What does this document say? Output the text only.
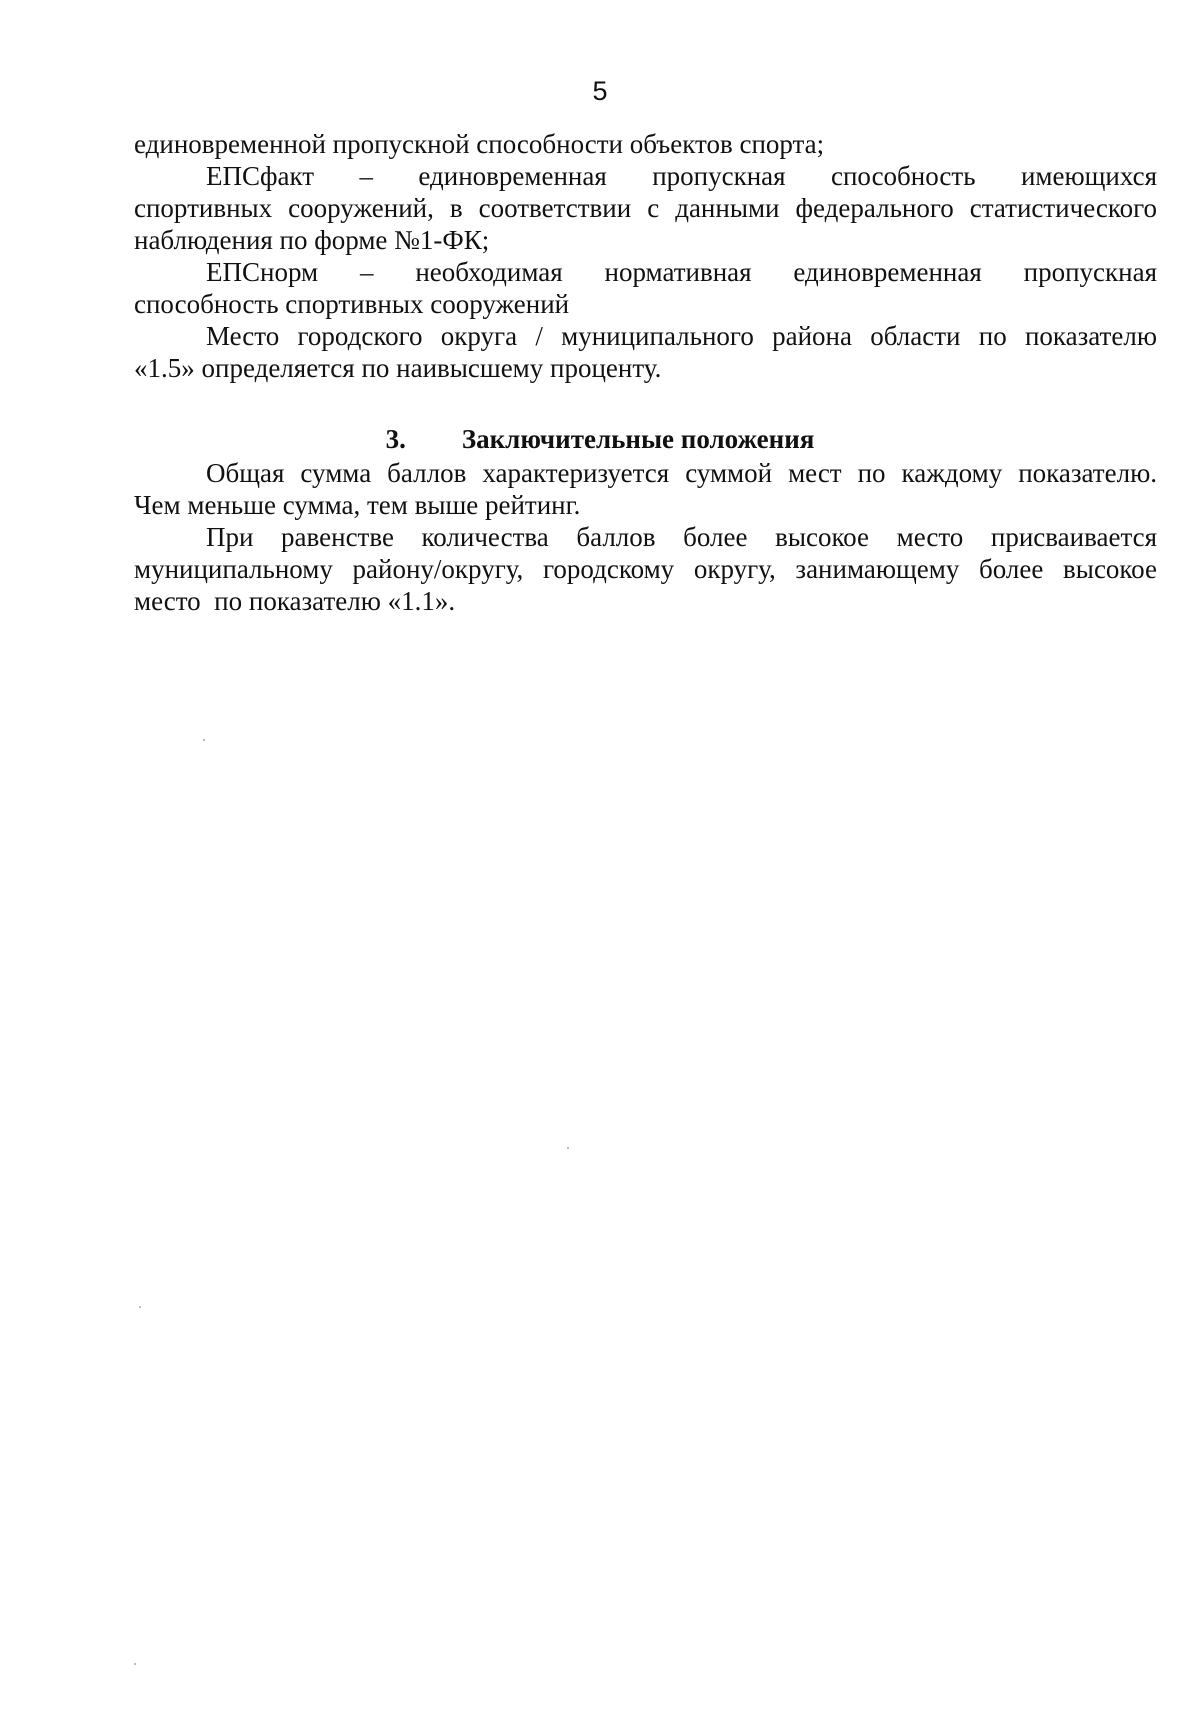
5
единовременной пропускной способности объектов спорта;
ЕПСфакт – единовременная пропускная способность имеющихся
спортивных сооружений, в соответствии с данными федерального статистического
наблюдения по форме №1-ФК;
ЕПСнорм – необходимая нормативная единовременная пропускная
способность спортивных сооружений
Место городского округа / муниципального района области по показателю
«1.5» определяется по наивысшему проценту.
3. Заключительные положения
Общая сумма баллов характеризуется суммой мест по каждому показателю.
Чем меньше сумма, тем выше рейтинг.
При равенстве количества баллов более высокое место присваивается
муниципальному району/округу, городскому округу, занимающему более высокое
место  по показателю «1.1».
